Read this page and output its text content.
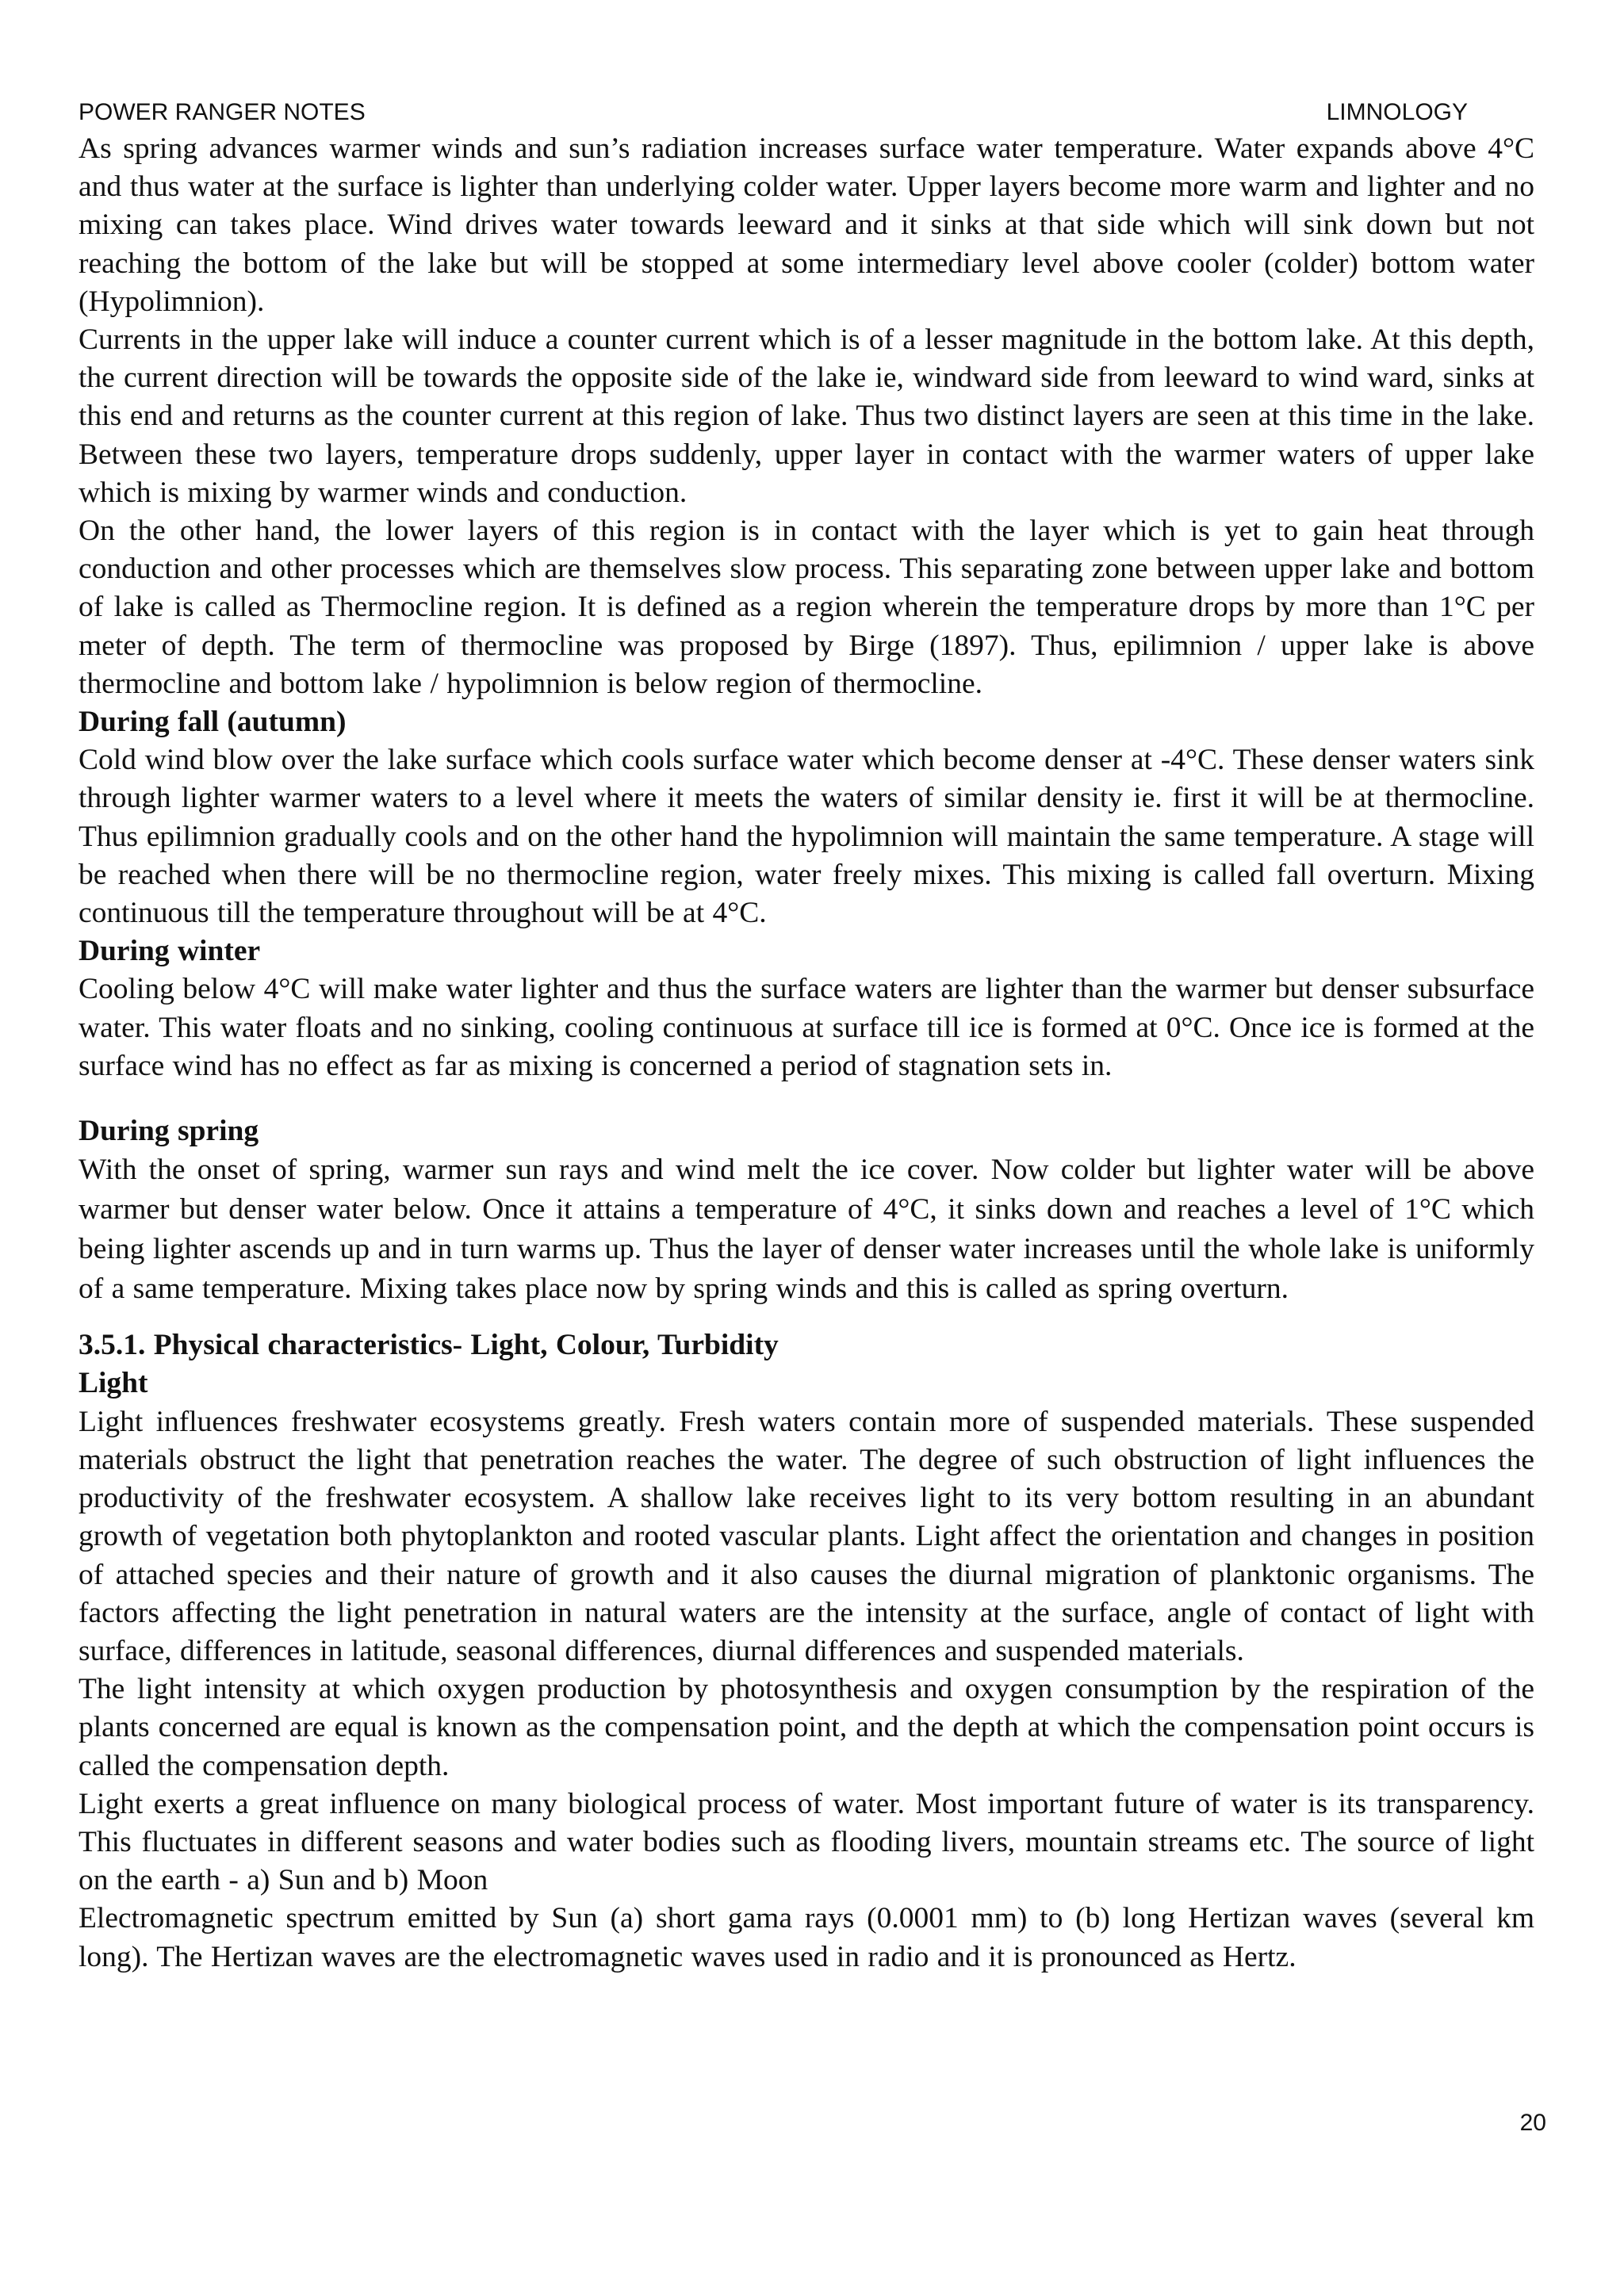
POWER RANGER NOTES	LIMNOLOGY

As spring advances warmer winds and sun’s radiation increases surface water temperature. Water expands above 4°C and thus water at the surface is lighter than underlying colder water. Upper layers become more warm and lighter and no mixing can takes place. Wind drives water towards leeward and it sinks at that side which will sink down but not reaching the bottom of the lake but will be stopped at some intermediary level above cooler (colder) bottom water (Hypolimnion).

Currents in the upper lake will induce a counter current which is of a lesser magnitude in the bottom lake. At this depth, the current direction will be towards the opposite side of the lake ie, windward side from leeward to wind ward, sinks at this end and returns as the counter current at this region of lake. Thus two distinct layers are seen at this time in the lake. Between these two layers, temperature drops suddenly, upper layer in contact with the warmer waters of upper lake which is mixing by warmer winds and conduction.

On the other hand, the lower layers of this region is in contact with the layer which is yet to gain heat through conduction and other processes which are themselves slow process. This separating zone between upper lake and bottom of lake is called as Thermocline region. It is defined as a region wherein the temperature drops by more than 1°C per meter of depth. The term of thermocline was proposed by Birge (1897). Thus, epilimnion / upper lake is above thermocline and bottom lake / hypolimnion is below region of thermocline.

During fall (autumn)

Cold wind blow over the lake surface which cools surface water which become denser at -4°C. These denser waters sink through lighter warmer waters to a level where it meets the waters of similar density ie. first it will be at thermocline. Thus epilimnion gradually cools and on the other hand the hypolimnion will maintain the same temperature. A stage will be reached when there will be no thermocline region, water freely mixes. This mixing is called fall overturn. Mixing continuous till the temperature throughout will be at 4°C.

During winter

Cooling below 4°C will make water lighter and thus the surface waters are lighter than the warmer but denser subsurface water. This water floats and no sinking, cooling continuous at surface till ice is formed at 0°C. Once ice is formed at the surface wind has no effect as far as mixing is concerned a period of stagnation sets in.

During spring

With the onset of spring, warmer sun rays and wind melt the ice cover. Now colder but lighter water will be above warmer but denser water below. Once it attains a temperature of 4°C, it sinks down and reaches a level of 1°C which being lighter ascends up and in turn warms up. Thus the layer of denser water increases until the whole lake is uniformly of a same temperature. Mixing takes place now by spring winds and this is called as spring overturn.

3.5.1. Physical characteristics- Light, Colour, Turbidity
Light

Light influences freshwater ecosystems greatly. Fresh waters contain more of suspended materials. These suspended materials obstruct the light that penetration reaches the water. The degree of such obstruction of light influences the productivity of the freshwater ecosystem. A shallow lake receives light to its very bottom resulting in an abundant growth of vegetation both phytoplankton and rooted vascular plants. Light affect the orientation and changes in position of attached species and their nature of growth and it also causes the diurnal migration of planktonic organisms. The factors affecting the light penetration in natural waters are the intensity at the surface, angle of contact of light with surface, differences in latitude, seasonal differences, diurnal differences and suspended materials.

The light intensity at which oxygen production by photosynthesis and oxygen consumption by the respiration of the plants concerned are equal is known as the compensation point, and the depth at which the compensation point occurs is called the compensation depth.

Light exerts a great influence on many biological process of water. Most important future of water is its transparency. This fluctuates in different seasons and water bodies such as flooding livers, mountain streams etc. The source of light on the earth - a) Sun and b) Moon

Electromagnetic spectrum emitted by Sun (a) short gama rays (0.0001 mm) to (b) long Hertizan waves (several km long). The Hertizan waves are the electromagnetic waves used in radio and it is pronounced as Hertz.

20
